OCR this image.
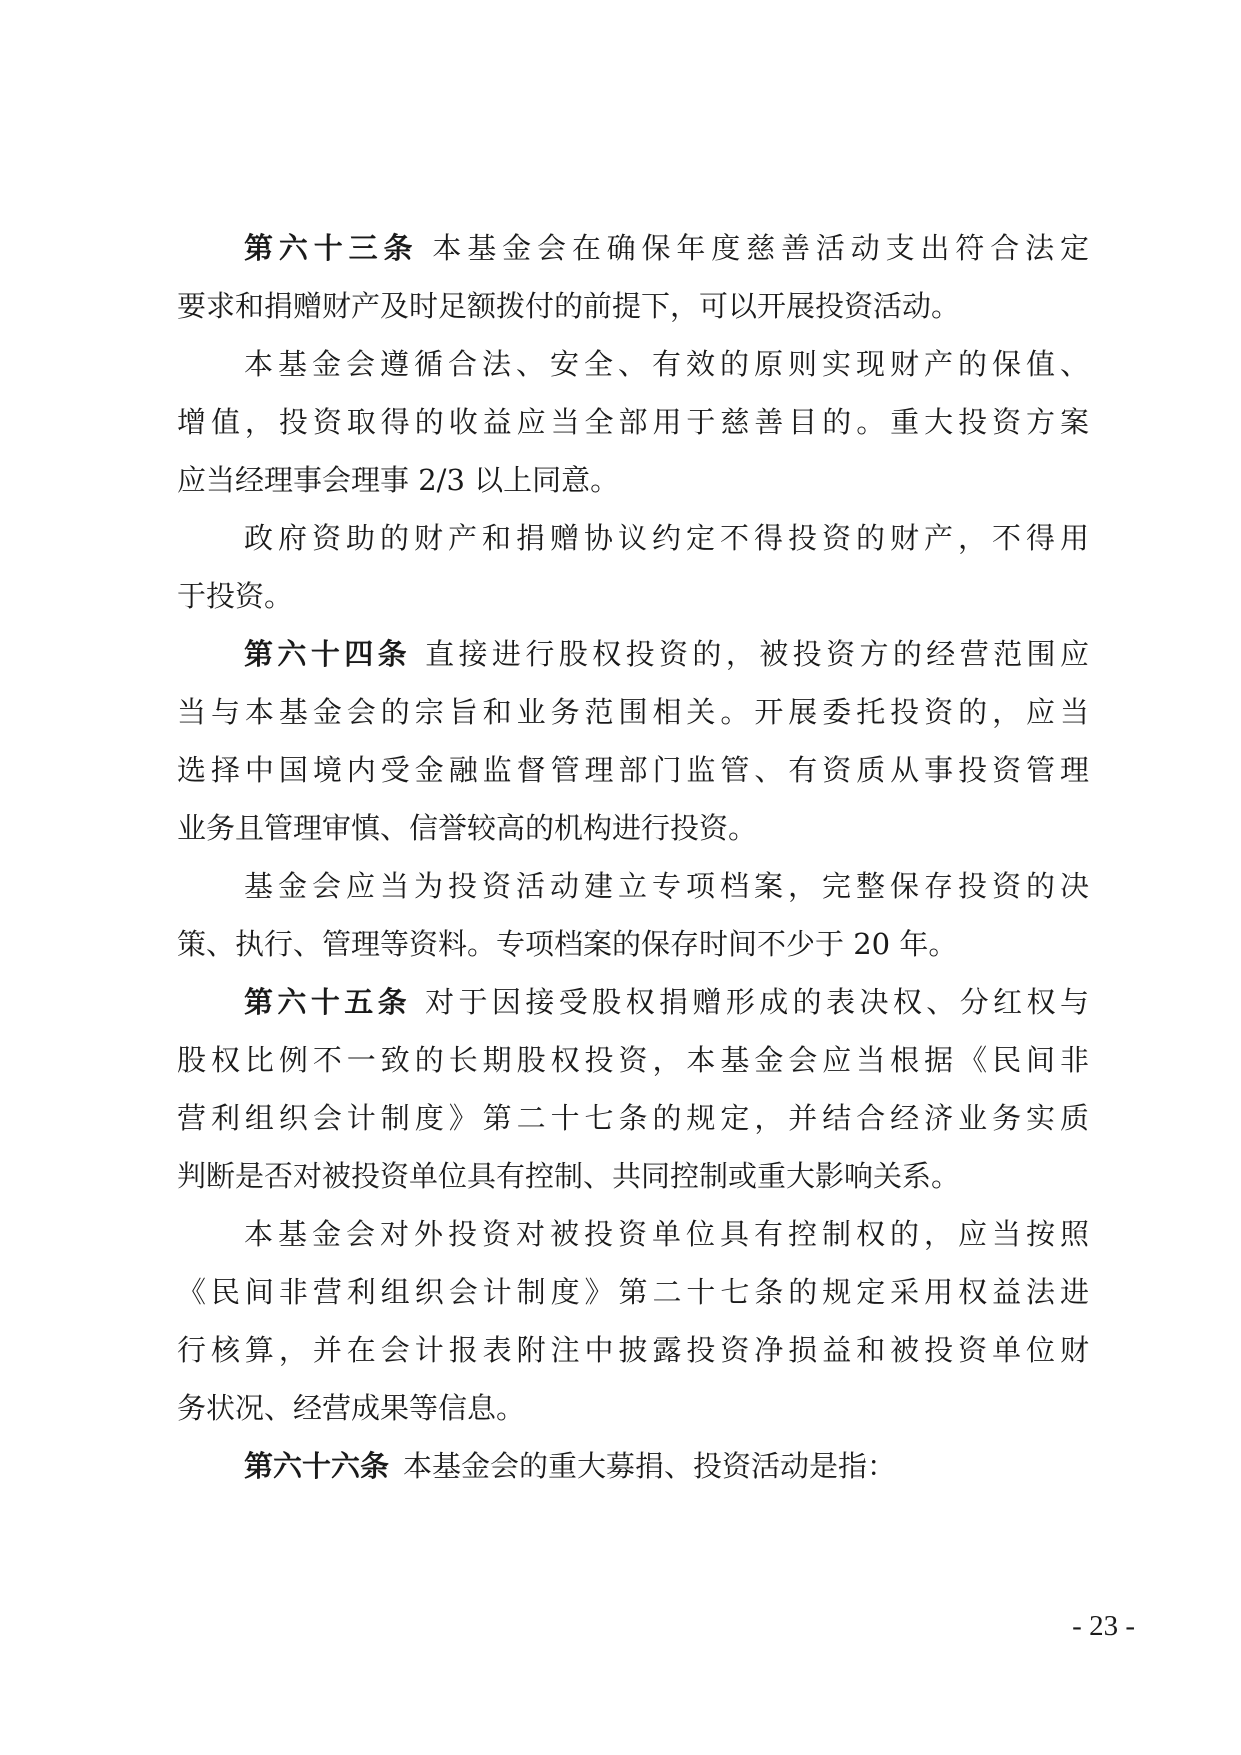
第六十三条 本基金会在确保年度慈善活动支出符合法定
要求和捐赠财产及时足额拨付的前提下，可以开展投资活动。
本基金会遵循合法、安全、有效的原则实现财产的保值、
增值，投资取得的收益应当全部用于慈善目的。重大投资方案
应当经理事会理事 2/3 以上同意。
政府资助的财产和捐赠协议约定不得投资的财产，不得用
于投资。
第六十四条 直接进行股权投资的，被投资方的经营范围应
当与本基金会的宗旨和业务范围相关。开展委托投资的，应当
选择中国境内受金融监督管理部门监管、有资质从事投资管理
业务且管理审慎、信誉较高的机构进行投资。
基金会应当为投资活动建立专项档案，完整保存投资的决
策、执行、管理等资料。专项档案的保存时间不少于 20 年。
第六十五条 对于因接受股权捐赠形成的表决权、分红权与
股权比例不一致的长期股权投资，本基金会应当根据《民间非
营利组织会计制度》第二十七条的规定，并结合经济业务实质
判断是否对被投资单位具有控制、共同控制或重大影响关系。
本基金会对外投资对被投资单位具有控制权的，应当按照
《民间非营利组织会计制度》第二十七条的规定采用权益法进
行核算，并在会计报表附注中披露投资净损益和被投资单位财
务状况、经营成果等信息。
第六十六条 本基金会的重大募捐、投资活动是指：
- 23 -
